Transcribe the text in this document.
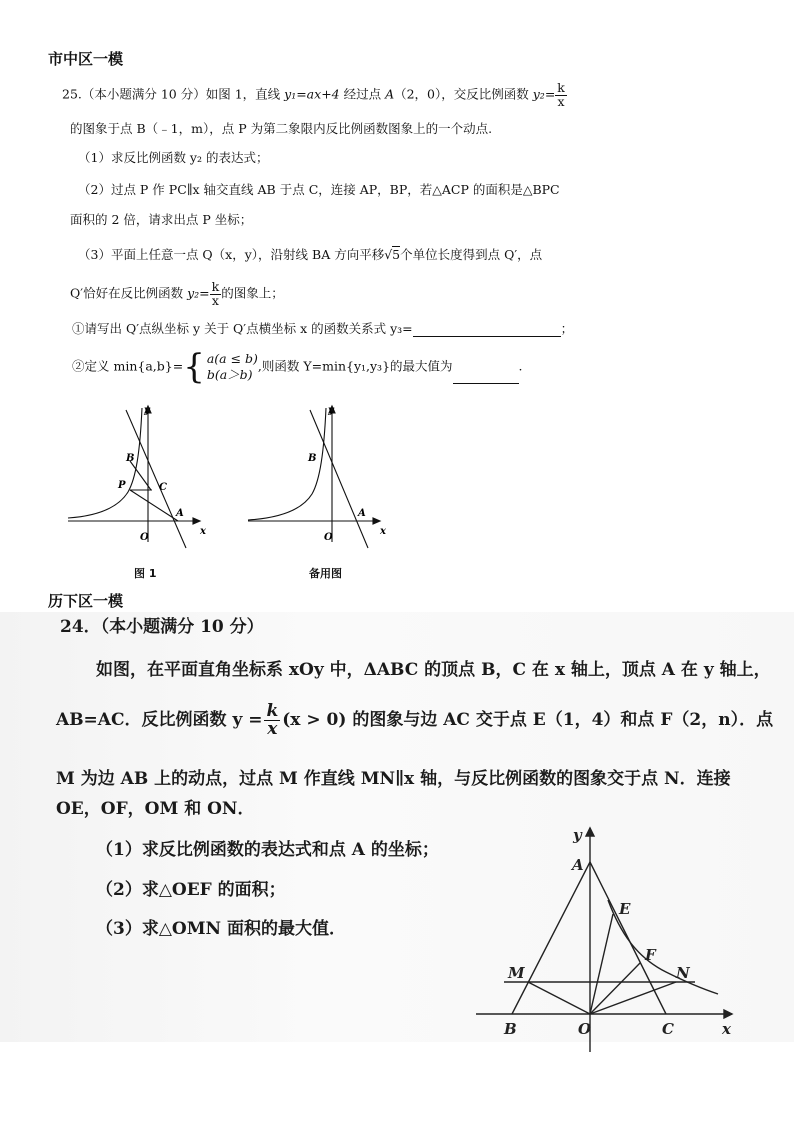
市中区一模
25.（本小题满分 10 分）如图 1，直线 y₁=ax+4 经过点 A（2，0），交反比例函数 $y_2= \frac{k}{x}$
的图象于点 B（﹣1，m），点 P 为第二象限内反比例函数图象上的一个动点.
（1）求反比例函数 y₂ 的表达式；
（2）过点 P 作 PC∥x 轴交直线 AB 于点 C，连接 AP，BP，若△ACP 的面积是△BPC
面积的 2 倍，请求出点 P 坐标；
（3）平面上任意一点 Q（x，y），沿射线 BA 方向平移√5个单位长度得到点 Q′，点
Q′恰好在反比例函数 $y_2= \frac{k}{x}$ 的图象上；
①请写出 Q′点纵坐标 y 关于 Q′点横坐标 x 的函数关系式 y₃=	；
②定义 min{a,b}= { a(a ≤ b)
b(a＞b)
,则函数 Y=min{y₁,y₃}的最大值为	.
y
x
O
A
B
P	C
图 1
y
x
O
A
B
备用图
历下区一模
24．（本小题满分 10 分）
如图，在平面直角坐标系 xOy 中，ΔABC 的顶点 B，C 在 x 轴上，顶点 A 在 y 轴上，
AB=AC．反比例函数 $y = \frac{k}{x} (x > 0)$ 的图象与边 AC 交于点 E（1，4）和点 F（2，n）．点
M 为边 AB 上的动点，过点 M 作直线 MN∥x 轴，与反比例函数的图象交于点 N．连接
OE，OF，OM 和 ON．
（1）求反比例函数的表达式和点 A 的坐标；
（2）求△OEF 的面积；
（3）求△OMN 面积的最大值．
y
x
A
E
F
M	N
B	O	C
